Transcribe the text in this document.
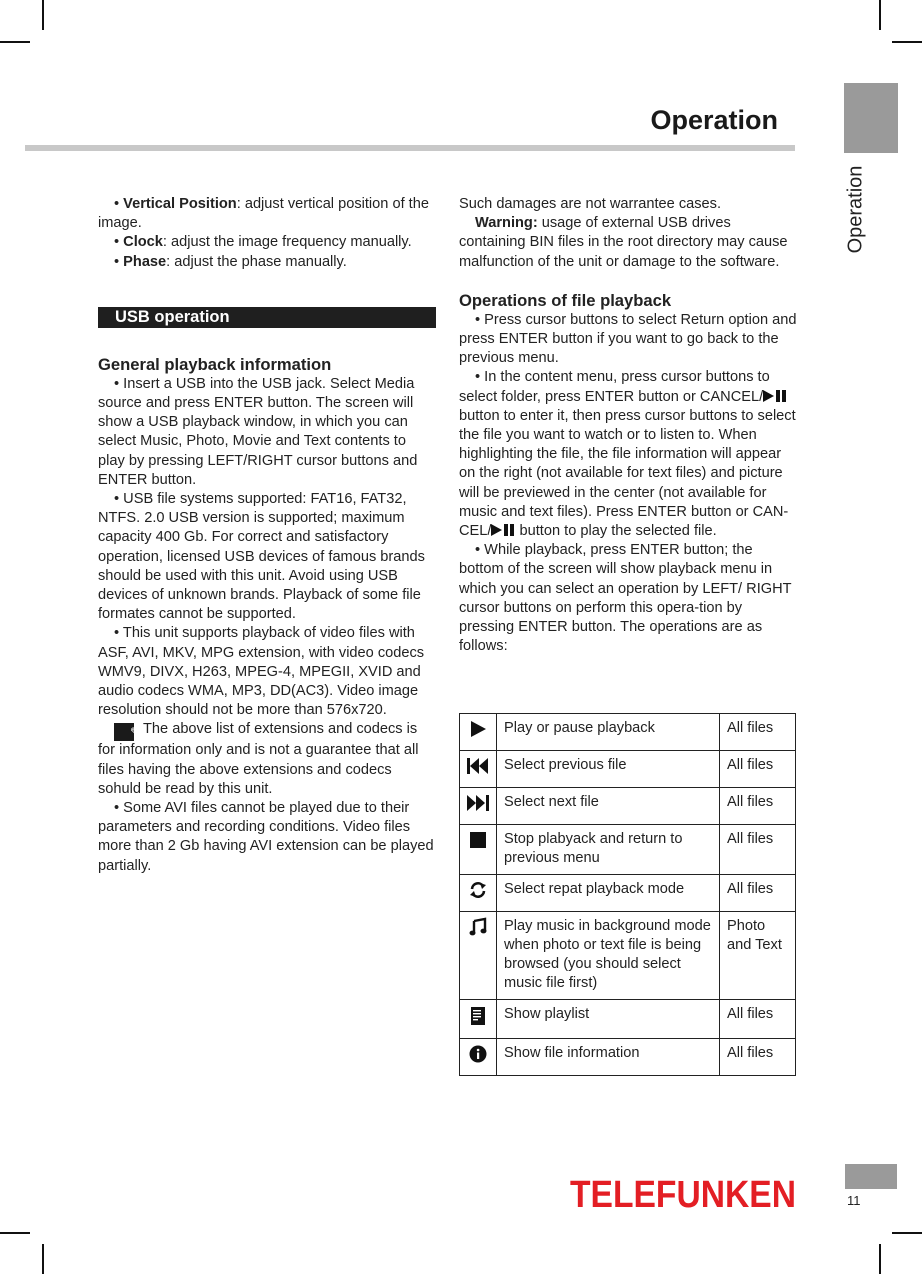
Operation
Operation

• Vertical Position: adjust vertical position of the image.

• Clock: adjust the image frequency manually.

• Phase: adjust the phase manually.

USB operation

General playback information

• Insert a USB into the USB jack. Select Media source and press ENTER button. The screen will show a USB playback window, in which you can select Music, Photo, Movie and Text contents to play by pressing LEFT/RIGHT cursor buttons and ENTER button.

• USB file systems supported: FAT16, FAT32, NTFS. 2.0 USB version is supported; maximum capacity 400 Gb. For correct and satisfactory operation, licensed USB devices of famous brands should be used with this unit. Avoid using USB devices of unknown brands. Playback of some file formates cannot be supported.

• This unit supports playback of video files with ASF, AVI, MKV, MPG extension, with video codecs WMV9, DIVX, H263, MPEG-4, MPEGII, XVID and audio codecs WMA, MP3, DD(AC3). Video image resolution should not be more than 576x720.

✎ The above list of extensions and codecs is for information only and is not a guarantee that all files having the above extensions and codecs sohuld be read by this unit.

• Some AVI files cannot be played due to their parameters and recording conditions. Video files more than 2 Gb having AVI extension can be played partially.

Such damages are not warrantee cases.

Warning: usage of external USB drives containing BIN files in the root directory may cause malfunction of the unit or damage to the software.

Operations of file playback

• Press cursor buttons to select Return option and press ENTER button if you want to go back to the previous menu.

• In the content menu, press cursor buttons to select folder, press ENTER button or CANCEL/ button to enter it, then press cursor buttons to select the file you want to watch or to listen to. When highlighting the file, the file information will appear on the right (not available for text files) and picture will be previewed in the center (not available for music and text files). Press ENTER button or CAN-CEL/ button to play the selected file.

• While playback, press ENTER button; the bottom of the screen will show playback menu in which you can select an operation by LEFT/ RIGHT cursor buttons on perform this opera-tion by pressing ENTER button. The operations are as follows:

	Play or pause playback	All files
	Select previous file	All files
	Select next file	All files
	Stop plabyack and return to previous menu	All files
	Select repat playback mode	All files
	Play music in background mode when photo or text file is being browsed (you should select music file first)	Photo and Text
	Show playlist	All files
	Show file information	All files
TELEFUNKEN	11
